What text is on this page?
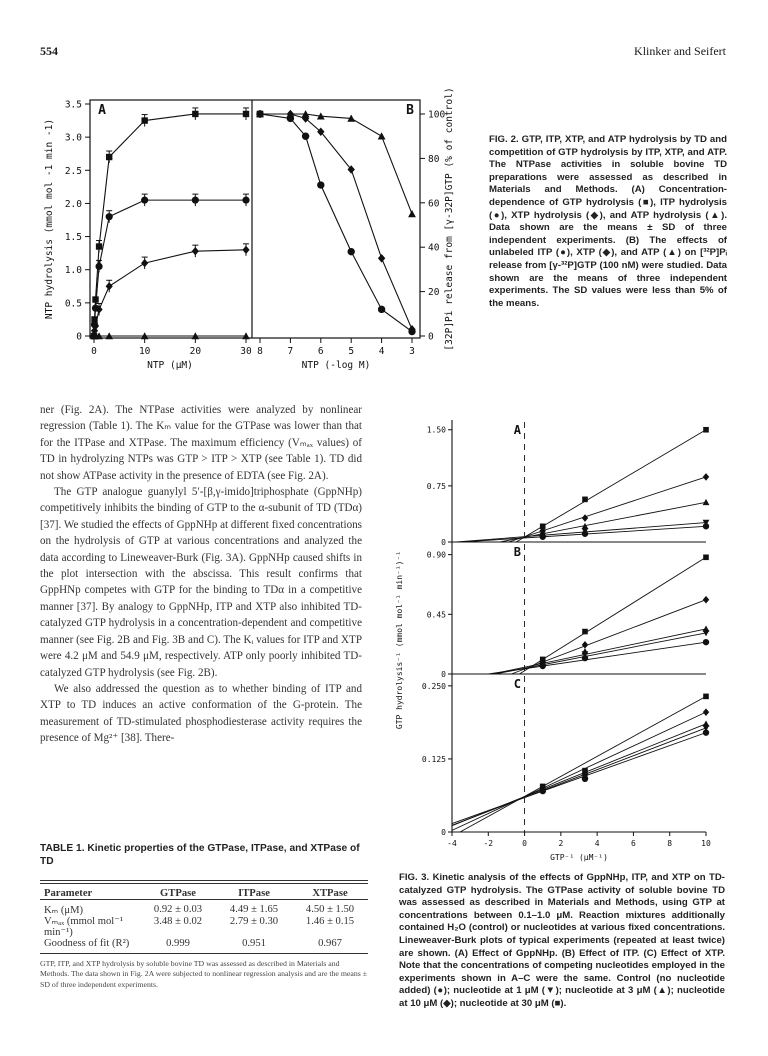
554	Klinker and Seifert
0
0.5
1.0
1.5
2.0
2.5
3.0
3.5
0	10	20	30
NTP (μM)
NTP hydrolysis (mmol mol -1 min -1)
A
0
20
40
60
80
100
8	7	6	5	4	3
NTP (-log M)
[32P]Pi release from [γ-32P]GTP (% of control)
B
FIG. 2. GTP, ITP, XTP, and ATP hydrolysis by TD and competition of GTP hydrolysis by ITP, XTP, and ATP. The NTPase activities in soluble bovine TD preparations were assessed as described in Materials and Methods. (A) Concentration-dependence of GTP hydrolysis (■), ITP hydrolysis (●), XTP hydrolysis (◆), and ATP hydrolysis (▲). Data shown are the means ± SD of three independent experiments. (B) The effects of unlabeled ITP (●), XTP (◆), and ATP (▲) on [³²P]Pᵢ release from [γ-³²P]GTP (100 nM) were studied. Data shown are the means of three independent experiments. The SD values were less than 5% of the means.

ner (Fig. 2A). The NTPase activities were analyzed by nonlinear regression (Table 1). The Kₘ value for the GTPase was lower than that for the ITPase and XTPase. The maximum efficiency (Vₘₐₓ values) of TD in hydrolyzing NTPs was GTP > ITP > XTP (see Table 1). TD did not show ATPase activity in the presence of EDTA (see Fig. 2A).

The GTP analogue guanylyl 5′-[β,γ-imido]triphosphate (GppNHp) competitively inhibits the binding of GTP to the α-subunit of TD (TDα) [37]. We studied the effects of GppNHp at different fixed concentrations on the hydrolysis of GTP at various concentrations and analyzed the data according to Lineweaver-Burk (Fig. 3A). GppNHp caused shifts in the plot intersection with the abscissa. This result confirms that GppHNp competes with GTP for the binding to TDα in a competitive manner [37]. By analogy to GppNHp, ITP and XTP also inhibited TD-catalyzed GTP hydrolysis in a concentration-dependent and competitive manner (see Fig. 2B and Fig. 3B and C). The Kᵢ values for ITP and XTP were 4.2 μM and 54.9 μM, respectively. ATP only poorly inhibited TD-catalyzed GTP hydrolysis (see Fig. 2B).

We also addressed the question as to whether binding of ITP and XTP to TD induces an active conformation of the G-protein. The measurement of TD-stimulated phosphodiesterase activity requires the presence of Mg²⁺ [38]. There-

0
0.75
1.50	A
0
0.45
0.90	B
0
0.125
0.250	C
-4	-2	0	2	4	6	8	10
GTP⁻¹ (μM⁻¹)
GTP hydrolysis⁻¹ (mmol mol⁻¹ min⁻¹)⁻¹
TABLE 1. Kinetic properties of the GTPase, ITPase, and XTPase of TD
Parameter	GTPase	ITPase	XTPase

Kₘ (μM)	0.92 ± 0.03	4.49 ± 1.65	4.50 ± 1.50
Vₘₐₓ (mmol mol⁻¹ min⁻¹)	3.48 ± 0.02	2.79 ± 0.30	1.46 ± 0.15
Goodness of fit (R²)	0.999	0.951	0.967
GTP, ITP, and XTP hydrolysis by soluble bovine TD was assessed as described in Materials and Methods. The data shown in Fig. 2A were subjected to nonlinear regression analysis and are the means ± SD of three independent experiments.
FIG. 3. Kinetic analysis of the effects of GppNHp, ITP, and XTP on TD-catalyzed GTP hydrolysis. The GTPase activity of soluble bovine TD was assessed as described in Materials and Methods, using GTP at concentrations between 0.1–1.0 μM. Reaction mixtures additionally contained H₂O (control) or nucleotides at various fixed concentrations. Lineweaver-Burk plots of typical experiments (repeated at least twice) are shown. (A) Effect of GppNHp. (B) Effect of ITP. (C) Effect of XTP. Note that the concentrations of competing nucleotides employed in the experiments shown in A–C were the same. Control (no nucleotide added) (●); nucleotide at 1 μM (▼); nucleotide at 3 μM (▲); nucleotide at 10 μM (◆); nucleotide at 30 μM (■).
